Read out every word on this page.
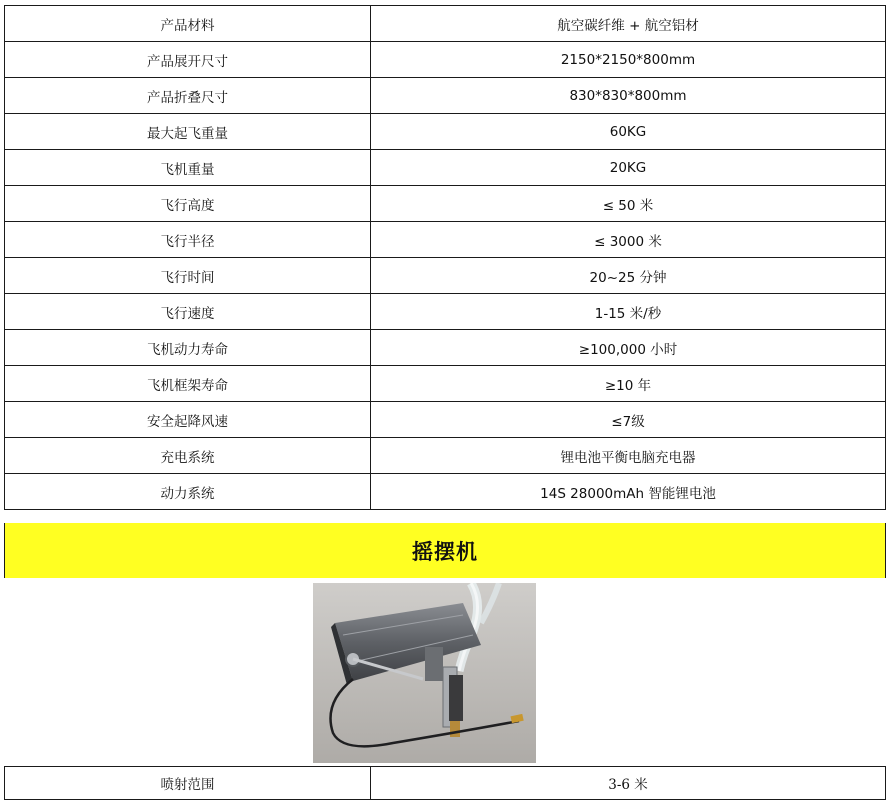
产品材料	航空碳纤维 + 航空铝材
产品展开尺寸	2150*2150*800mm
产品折叠尺寸	830*830*800mm
最大起飞重量	60KG
飞机重量	20KG
飞行高度	≤ 50 米
飞行半径	≤ 3000 米
飞行时间	20~25 分钟
飞行速度	1-15 米/秒
飞机动力寿命	≥100,000 小时
飞机框架寿命	≥10 年
安全起降风速	≤7级
充电系统	锂电池平衡电脑充电器
动力系统	14S 28000mAh 智能锂电池
摇摆机
喷射范围	3-6 米
